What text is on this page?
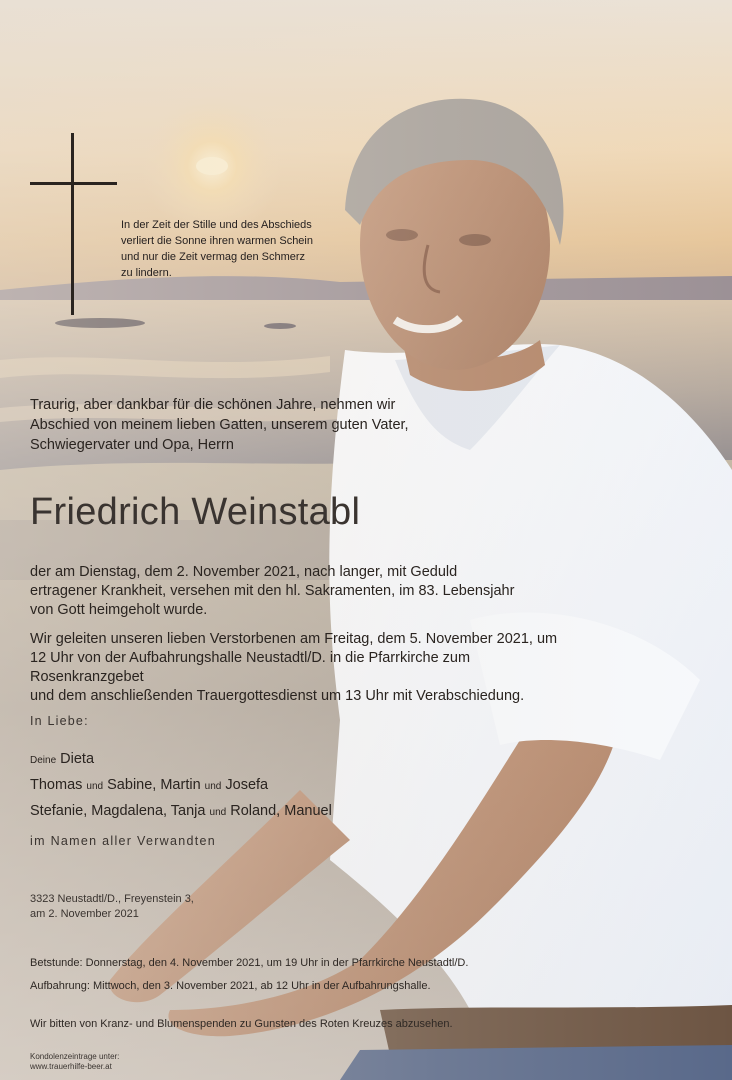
In der Zeit der Stille und des Abschieds
verliert die Sonne ihren warmen Schein
und nur die Zeit vermag den Schmerz
zu lindern.
Traurig, aber dankbar für die schönen Jahre, nehmen wir
Abschied von meinem lieben Gatten, unserem guten Vater,
Schwiegervater und Opa, Herrn
Friedrich Weinstabl
der am Dienstag, dem 2. November 2021, nach langer, mit Geduld
ertragener Krankheit, versehen mit den hl. Sakramenten, im 83. Lebensjahr
von Gott heimgeholt wurde.
Wir geleiten unseren lieben Verstorbenen am Freitag, dem 5. November 2021, um
12 Uhr von der Aufbahrungshalle Neustadtl/D. in die Pfarrkirche zum Rosenkranzgebet
und dem anschließenden Trauergottesdienst um 13 Uhr mit Verabschiedung.
In Liebe:
Deine Dieta
Thomas und Sabine, Martin und Josefa
Stefanie, Magdalena, Tanja und Roland, Manuel
im Namen aller Verwandten
3323 Neustadtl/D., Freyenstein 3,
am 2. November 2021
Betstunde: Donnerstag, den 4. November 2021, um 19 Uhr in der Pfarrkirche Neustadtl/D.
Aufbahrung: Mittwoch, den 3. November 2021, ab 12 Uhr in der Aufbahrungshalle.
Wir bitten von Kranz- und Blumenspenden zu Gunsten des Roten Kreuzes abzusehen.
Kondolenzeintrage unter:
www.trauerhilfe-beer.at
